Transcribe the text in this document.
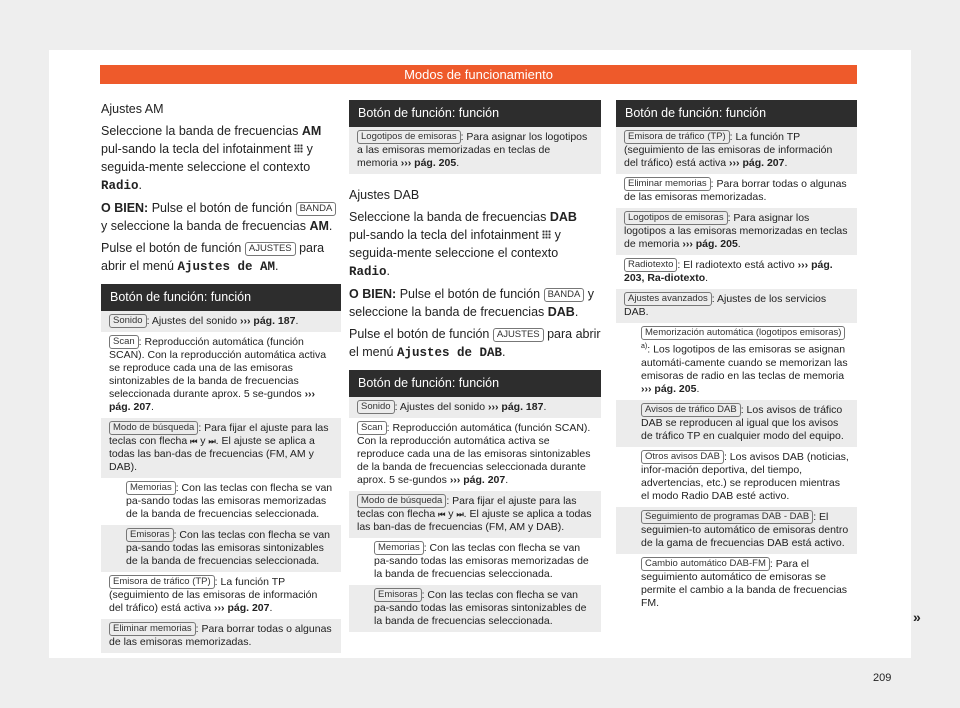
Modos de funcionamiento
Ajustes AM
Seleccione la banda de frecuencias AM pul-sando la tecla del infotainment  y seguida-mente seleccione el contexto Radio.
O BIEN: Pulse el botón de función BANDA y seleccione la banda de frecuencias AM.
Pulse el botón de función AJUSTES para abrir el menú Ajustes de AM.
Botón de función: función
Sonido : Ajustes del sonido ››› pág. 187.
Scan : Reproducción automática (función SCAN). Con la reproducción automática activa se reproduce cada una de las emisoras sintonizables de la banda de frecuencias seleccionada durante aprox. 5 se-gundos ››› pág. 207.
Modo de búsqueda : Para fijar el ajuste para las teclas con flecha ⏮ y ⏭. El ajuste se aplica a todas las ban-das de frecuencias (FM, AM y DAB).
Memorias : Con las teclas con flecha se van pa-sando todas las emisoras memorizadas de la banda de frecuencias seleccionada.
Emisoras : Con las teclas con flecha se van pa-sando todas las emisoras sintonizables de la banda de frecuencias seleccionada.
Emisora de tráfico (TP) : La función TP (seguimiento de las emisoras de información del tráfico) está activa ››› pág. 207.
Eliminar memorias : Para borrar todas o algunas de las emisoras memorizadas.
Botón de función: función
Logotipos de emisoras : Para asignar los logotipos a las emisoras memorizadas en teclas de memoria ››› pág. 205.
Ajustes DAB
Seleccione la banda de frecuencias DAB pul-sando la tecla del infotainment  y seguida-mente seleccione el contexto Radio.
O BIEN: Pulse el botón de función BANDA y seleccione la banda de frecuencias DAB.
Pulse el botón de función AJUSTES para abrir el menú Ajustes de DAB.
Botón de función: función
Sonido : Ajustes del sonido ››› pág. 187.
Scan : Reproducción automática (función SCAN). Con la reproducción automática activa se reproduce cada una de las emisoras sintonizables de la banda de frecuencias seleccionada durante aprox. 5 se-gundos ››› pág. 207.
Modo de búsqueda : Para fijar el ajuste para las teclas con flecha ⏮ y ⏭. El ajuste se aplica a todas las ban-das de frecuencias (FM, AM y DAB).
Memorias : Con las teclas con flecha se van pa-sando todas las emisoras memorizadas de la banda de frecuencias seleccionada.
Emisoras : Con las teclas con flecha se van pa-sando todas las emisoras sintonizables de la banda de frecuencias seleccionada.
Botón de función: función
Emisora de tráfico (TP) : La función TP (seguimiento de las emisoras de información del tráfico) está activa ››› pág. 207.
Eliminar memorias : Para borrar todas o algunas de las emisoras memorizadas.
Logotipos de emisoras : Para asignar los logotipos a las emisoras memorizadas en teclas de memoria ››› pág. 205.
Radiotexto : El radiotexto está activo ››› pág. 203, Ra-diotexto.
Ajustes avanzados : Ajustes de los servicios DAB.
Memorización automática (logotipos emisoras)$^{a)}$: Los logotipos de las emisoras se asignan automáti-camente cuando se memorizan las emisoras de radio en las teclas de memoria ››› pág. 205.
Avisos de tráfico DAB : Los avisos de tráfico DAB se reproducen al igual que los avisos de tráfico TP en cualquier modo del equipo.
Otros avisos DAB : Los avisos DAB (noticias, infor-mación deportiva, del tiempo, advertencias, etc.) se reproducen mientras el modo Radio DAB esté activo.
Seguimiento de programas DAB - DAB : El seguimien-to automático de emisoras dentro de la gama de frecuencias DAB está activo.
Cambio automático DAB-FM : Para el seguimiento automático de emisoras se permite el cambio a la banda de frecuencias FM.
»
209
